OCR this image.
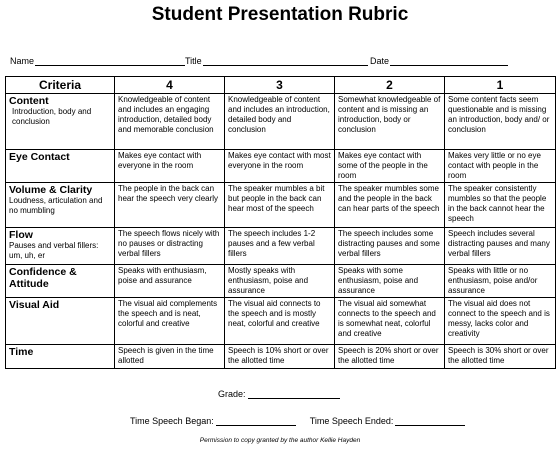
Student Presentation Rubric
Name	Title	Date
Criteria	4	3	2	1

Content
Introduction, body and conclusion	Knowledgeable of content and includes an engaging introduction, detailed body and memorable conclusion	Knowledgeable of content and includes an introduction, detailed body and conclusion	Somewhat knowledgeable of content and is missing an introduction, body or conclusion	Some content facts seem questionable and is missing an introduction, body and/ or conclusion

Eye Contact	Makes eye contact with everyone in the room	Makes eye contact with most everyone in the room	Makes eye contact with some of the people in the room	Makes very little or no eye contact with people in the room

Volume & Clarity
Loudness, articulation and no mumbling	The people in the back can hear the speech very clearly	The speaker mumbles a bit but people in the back can hear most of the speech	The speaker mumbles some and the people in the back can hear parts of the speech	The speaker consistently mumbles so that the people in the back cannot hear the speech

Flow
Pauses and verbal fillers: um, uh, er	The speech flows nicely with no pauses or distracting verbal fillers	The speech includes 1-2 pauses and a few verbal fillers	The speech includes some distracting pauses and some verbal fillers	Speech includes several distracting pauses and many verbal fillers

Confidence & Attitude	Speaks with enthusiasm, poise and assurance	Mostly speaks with enthusiasm, poise and assurance	Speaks with some enthusiasm, poise and assurance	Speaks with little or no enthusiasm, poise and/or assurance

Visual Aid	The visual aid complements the speech and is neat, colorful and creative	The visual aid connects to the speech and is mostly neat, colorful and creative	The visual aid somewhat connects to the speech and is somewhat neat, colorful and creative	The visual aid does not connect to the speech and is messy, lacks color and creativity

Time	Speech is given in the time allotted	Speech is 10% short or over the allotted time	Speech is 20% short or over the allotted time	Speech is 30% short or over the allotted time
Grade:
Time Speech Began:	Time Speech Ended:
Permission to copy granted by the author Kellie Hayden
